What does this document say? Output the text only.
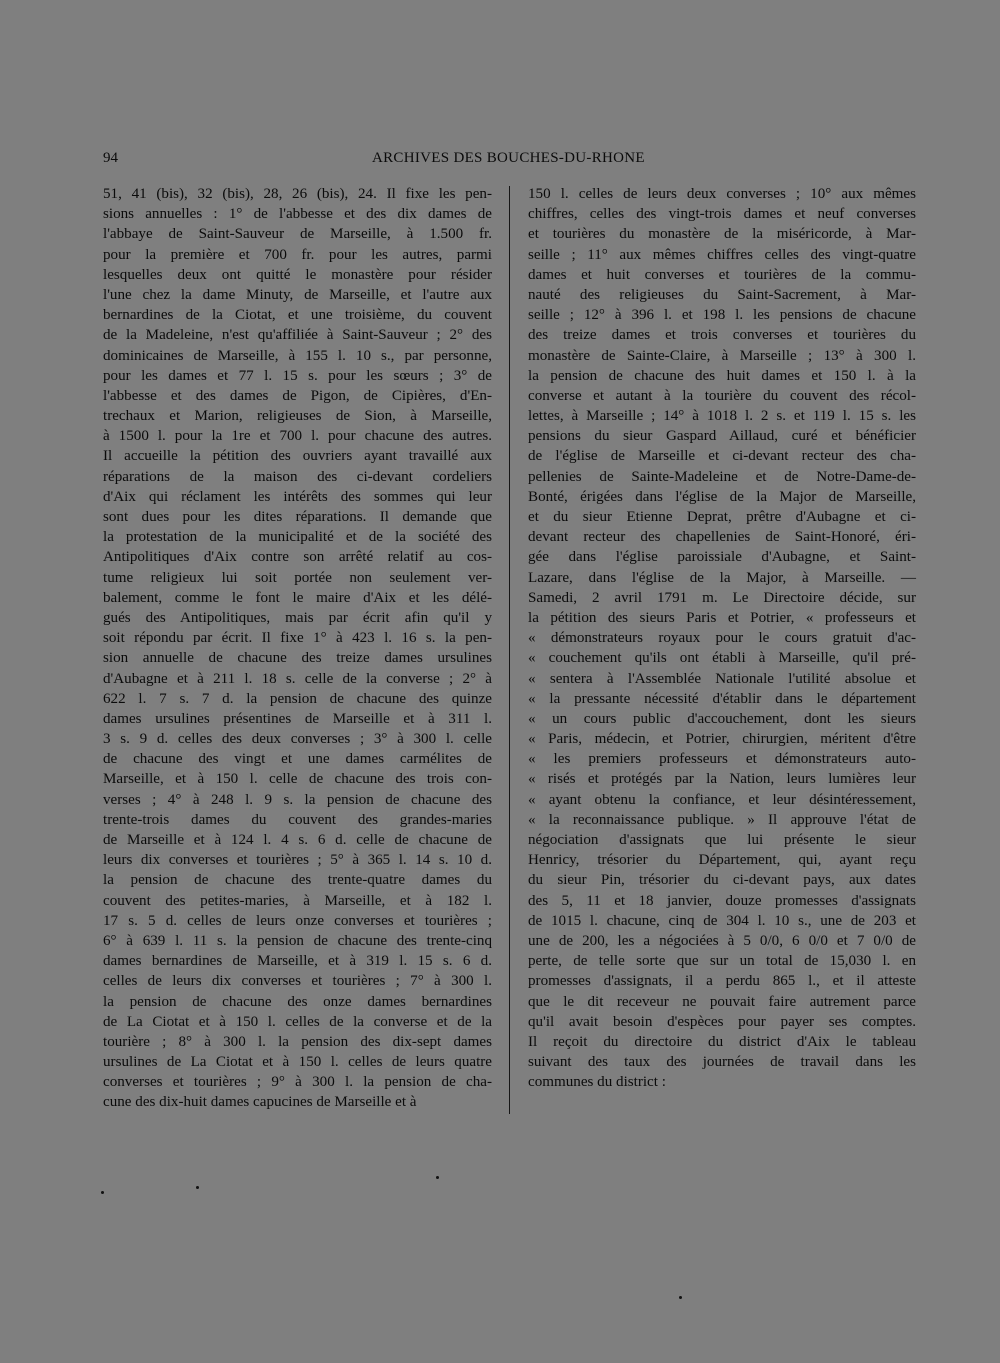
94	ARCHIVES DES BOUCHES-DU-RHONE
51, 41 (bis), 32 (bis), 28, 26 (bis), 24. Il fixe les pen-
sions annuelles : 1° de l'abbesse et des dix dames de
l'abbaye de Saint-Sauveur de Marseille, à 1.500 fr.
pour la première et 700 fr. pour les autres, parmi
lesquelles deux ont quitté le monastère pour résider
l'une chez la dame Minuty, de Marseille, et l'autre aux
bernardines de la Ciotat, et une troisième, du couvent
de la Madeleine, n'est qu'affiliée à Saint-Sauveur ; 2° des
dominicaines de Marseille, à 155 l. 10 s., par personne,
pour les dames et 77 l. 15 s. pour les sœurs ; 3° de
l'abbesse et des dames de Pigon, de Cipières, d'En-
trechaux et Marion, religieuses de Sion, à Marseille,
à 1500 l. pour la 1re et 700 l. pour chacune des autres.
Il accueille la pétition des ouvriers ayant travaillé aux
réparations de la maison des ci-devant cordeliers
d'Aix qui réclament les intérêts des sommes qui leur
sont dues pour les dites réparations. Il demande que
la protestation de la municipalité et de la société des
Antipolitiques d'Aix contre son arrêté relatif au cos-
tume religieux lui soit portée non seulement ver-
balement, comme le font le maire d'Aix et les délé-
gués des Antipolitiques, mais par écrit afin qu'il y
soit répondu par écrit. Il fixe 1° à 423 l. 16 s. la pen-
sion annuelle de chacune des treize dames ursulines
d'Aubagne et à 211 l. 18 s. celle de la converse ; 2° à
622 l. 7 s. 7 d. la pension de chacune des quinze
dames ursulines présentines de Marseille et à 311 l.
3 s. 9 d. celles des deux converses ; 3° à 300 l. celle
de chacune des vingt et une dames carmélites de
Marseille, et à 150 l. celle de chacune des trois con-
verses ; 4° à 248 l. 9 s. la pension de chacune des
trente-trois dames du couvent des grandes-maries
de Marseille et à 124 l. 4 s. 6 d. celle de chacune de
leurs dix converses et tourières ; 5° à 365 l. 14 s. 10 d.
la pension de chacune des trente-quatre dames du
couvent des petites-maries, à Marseille, et à 182 l.
17 s. 5 d. celles de leurs onze converses et tourières ;
6° à 639 l. 11 s. la pension de chacune des trente-cinq
dames bernardines de Marseille, et à 319 l. 15 s. 6 d.
celles de leurs dix converses et tourières ; 7° à 300 l.
la pension de chacune des onze dames bernardines
de La Ciotat et à 150 l. celles de la converse et de la
tourière ; 8° à 300 l. la pension des dix-sept dames
ursulines de La Ciotat et à 150 l. celles de leurs quatre
converses et tourières ; 9° à 300 l. la pension de cha-
cune des dix-huit dames capucines de Marseille et à
150 l. celles de leurs deux converses ; 10° aux mêmes
chiffres, celles des vingt-trois dames et neuf converses
et tourières du monastère de la miséricorde, à Mar-
seille ; 11° aux mêmes chiffres celles des vingt-quatre
dames et huit converses et tourières de la commu-
nauté des religieuses du Saint-Sacrement, à Mar-
seille ; 12° à 396 l. et 198 l. les pensions de chacune
des treize dames et trois converses et tourières du
monastère de Sainte-Claire, à Marseille ; 13° à 300 l.
la pension de chacune des huit dames et 150 l. à la
converse et autant à la tourière du couvent des récol-
lettes, à Marseille ; 14° à 1018 l. 2 s. et 119 l. 15 s. les
pensions du sieur Gaspard Aillaud, curé et bénéficier
de l'église de Marseille et ci-devant recteur des cha-
pellenies de Sainte-Madeleine et de Notre-Dame-de-
Bonté, érigées dans l'église de la Major de Marseille,
et du sieur Etienne Deprat, prêtre d'Aubagne et ci-
devant recteur des chapellenies de Saint-Honoré, éri-
gée dans l'église paroissiale d'Aubagne, et Saint-
Lazare, dans l'église de la Major, à Marseille. —
Samedi, 2 avril 1791 m. Le Directoire décide, sur
la pétition des sieurs Paris et Potrier, « professeurs et
« démonstrateurs royaux pour le cours gratuit d'ac-
« couchement qu'ils ont établi à Marseille, qu'il pré-
« sentera à l'Assemblée Nationale l'utilité absolue et
« la pressante nécessité d'établir dans le département
« un cours public d'accouchement, dont les sieurs
« Paris, médecin, et Potrier, chirurgien, méritent d'être
« les premiers professeurs et démonstrateurs auto-
« risés et protégés par la Nation, leurs lumières leur
« ayant obtenu la confiance, et leur désintéressement,
« la reconnaissance publique. » Il approuve l'état de
négociation d'assignats que lui présente le sieur
Henricy, trésorier du Département, qui, ayant reçu
du sieur Pin, trésorier du ci-devant pays, aux dates
des 5, 11 et 18 janvier, douze promesses d'assignats
de 1015 l. chacune, cinq de 304 l. 10 s., une de 203 et
une de 200, les a négociées à 5 0/0, 6 0/0 et 7 0/0 de
perte, de telle sorte que sur un total de 15,030 l. en
promesses d'assignats, il a perdu 865 l., et il atteste
que le dit receveur ne pouvait faire autrement parce
qu'il avait besoin d'espèces pour payer ses comptes.
Il reçoit du directoire du district d'Aix le tableau
suivant des taux des journées de travail dans les
communes du district :
